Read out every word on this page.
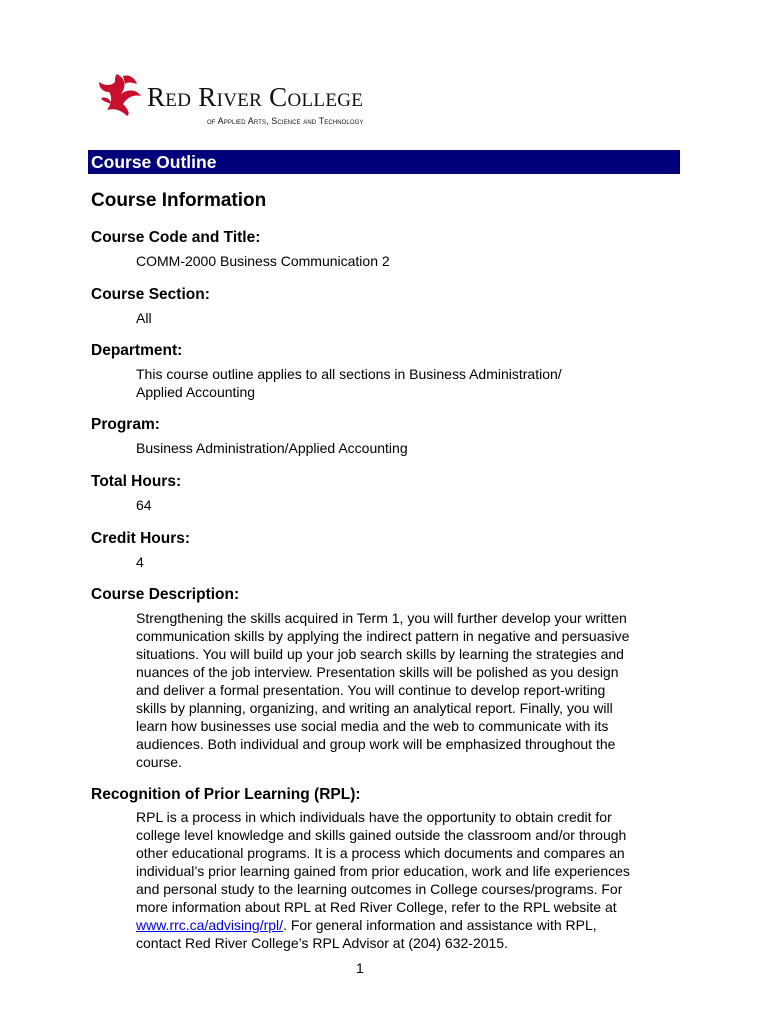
Red River College
of Applied Arts, Science and Technology
Course Outline
Course Information
Course Code and Title:
COMM-2000 Business Communication 2
Course Section:
All
Department:
This course outline applies to all sections in Business Administration/
Applied Accounting
Program:
Business Administration/Applied Accounting
Total Hours:
64
Credit Hours:
4
Course Description:
Strengthening the skills acquired in Term 1, you will further develop your written
communication skills by applying the indirect pattern in negative and persuasive
situations. You will build up your job search skills by learning the strategies and
nuances of the job interview. Presentation skills will be polished as you design
and deliver a formal presentation. You will continue to develop report-writing
skills by planning, organizing, and writing an analytical report. Finally, you will
learn how businesses use social media and the web to communicate with its
audiences. Both individual and group work will be emphasized throughout the
course.
Recognition of Prior Learning (RPL):
RPL is a process in which individuals have the opportunity to obtain credit for
college level knowledge and skills gained outside the classroom and/or through
other educational programs. It is a process which documents and compares an
individual’s prior learning gained from prior education, work and life experiences
and personal study to the learning outcomes in College courses/programs. For
more information about RPL at Red River College, refer to the RPL website at
www.rrc.ca/advising/rpl/. For general information and assistance with RPL,
contact Red River College’s RPL Advisor at (204) 632-2015.
1
